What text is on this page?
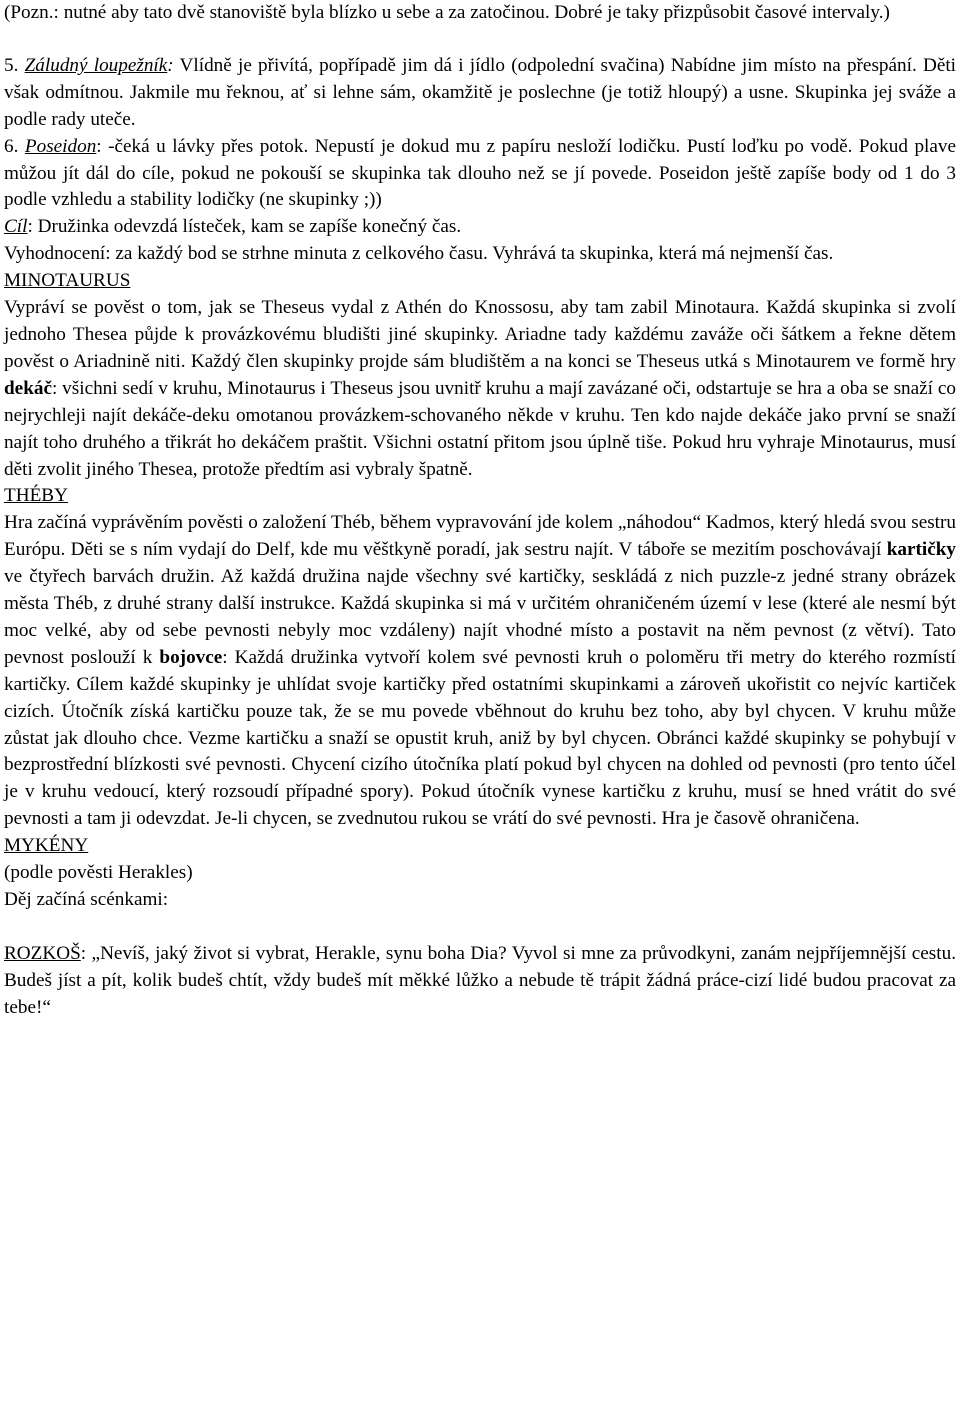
(Pozn.: nutné aby tato dvě stanoviště byla blízko u sebe a za zatočinou. Dobré je taky přizpůsobit časové intervaly.)

5. Záludný loupežník: Vlídně je přivítá, popřípadě jim dá i jídlo (odpolední svačina) Nabídne jim místo na přespání. Děti však odmítnou. Jakmile mu řeknou, ať si lehne sám, okamžitě je poslechne (je totiž hloupý) a usne. Skupinka jej sváže a podle rady uteče.

6. Poseidon: -čeká u lávky přes potok. Nepustí je dokud mu z papíru nesloží lodičku. Pustí loďku po vodě. Pokud plave můžou jít dál do cíle, pokud ne pokouší se skupinka tak dlouho než se jí povede. Poseidon ještě zapíše body od 1 do 3 podle vzhledu a stability lodičky (ne skupinky ;))

Cíl: Družinka odevzdá lísteček, kam se zapíše konečný čas.

Vyhodnocení: za každý bod se strhne minuta z celkového času. Vyhrává ta skupinka, která má nejmenší čas.

MINOTAURUS

Vypráví se pověst o tom, jak se Theseus vydal z Athén do Knossosu, aby tam zabil Minotaura. Každá skupinka si zvolí jednoho Thesea půjde k provázkovému bludišti jiné skupinky. Ariadne tady každému zaváže oči šátkem a řekne dětem pověst o Ariadnině niti. Každý člen skupinky projde sám bludištěm a na konci se Theseus utká s Minotaurem ve formě hry dekáč: všichni sedí v kruhu, Minotaurus i Theseus jsou uvnitř kruhu a mají zavázané oči, odstartuje se hra a oba se snaží co nejrychleji najít dekáče-deku omotanou provázkem-schovaného někde v kruhu. Ten kdo najde dekáče jako první se snaží najít toho druhého a třikrát ho dekáčem praštit. Všichni ostatní přitom jsou úplně tiše. Pokud hru vyhraje Minotaurus, musí děti zvolit jiného Thesea, protože předtím asi vybraly špatně.

THÉBY

Hra začíná vyprávěním pověsti o založení Théb, během vypravování jde kolem „náhodou“ Kadmos, který hledá svou sestru Európu. Děti se s ním vydají do Delf, kde mu věštkyně poradí, jak sestru najít. V táboře se mezitím poschovávají kartičky ve čtyřech barvách družin. Až každá družina najde všechny své kartičky, seskládá z nich puzzle-z jedné strany obrázek města Théb, z druhé strany další instrukce. Každá skupinka si má v určitém ohraničeném území v lese (které ale nesmí být moc velké, aby od sebe pevnosti nebyly moc vzdáleny) najít vhodné místo a postavit na něm pevnost (z větví). Tato pevnost poslouží k bojovce: Každá družinka vytvoří kolem své pevnosti kruh o poloměru tři metry do kterého rozmístí kartičky. Cílem každé skupinky je uhlídat svoje kartičky před ostatními skupinkami a zároveň ukořistit co nejvíc kartiček cizích. Útočník získá kartičku pouze tak, že se mu povede vběhnout do kruhu bez toho, aby byl chycen. V kruhu může zůstat jak dlouho chce. Vezme kartičku a snaží se opustit kruh, aniž by byl chycen. Obránci každé skupinky se pohybují v bezprostřední blízkosti své pevnosti. Chycení cizího útočníka platí pokud byl chycen na dohled od pevnosti (pro tento účel je v kruhu vedoucí, který rozsoudí případné spory). Pokud útočník vynese kartičku z kruhu, musí se hned vrátit do své pevnosti a tam ji odevzdat. Je-li chycen, se zvednutou rukou se vrátí do své pevnosti. Hra je časově ohraničena.

MYKÉNY

(podle pověsti Herakles)

Děj začíná scénkami:

ROZKOŠ: „Nevíš, jaký život si vybrat, Herakle, synu boha Dia? Vyvol si mne za průvodkyni, zanám nejpříjemnější cestu. Budeš jíst a pít, kolik budeš chtít, vždy budeš mít měkké lůžko a nebude tě trápit žádná práce-cizí lidé budou pracovat za tebe!“
